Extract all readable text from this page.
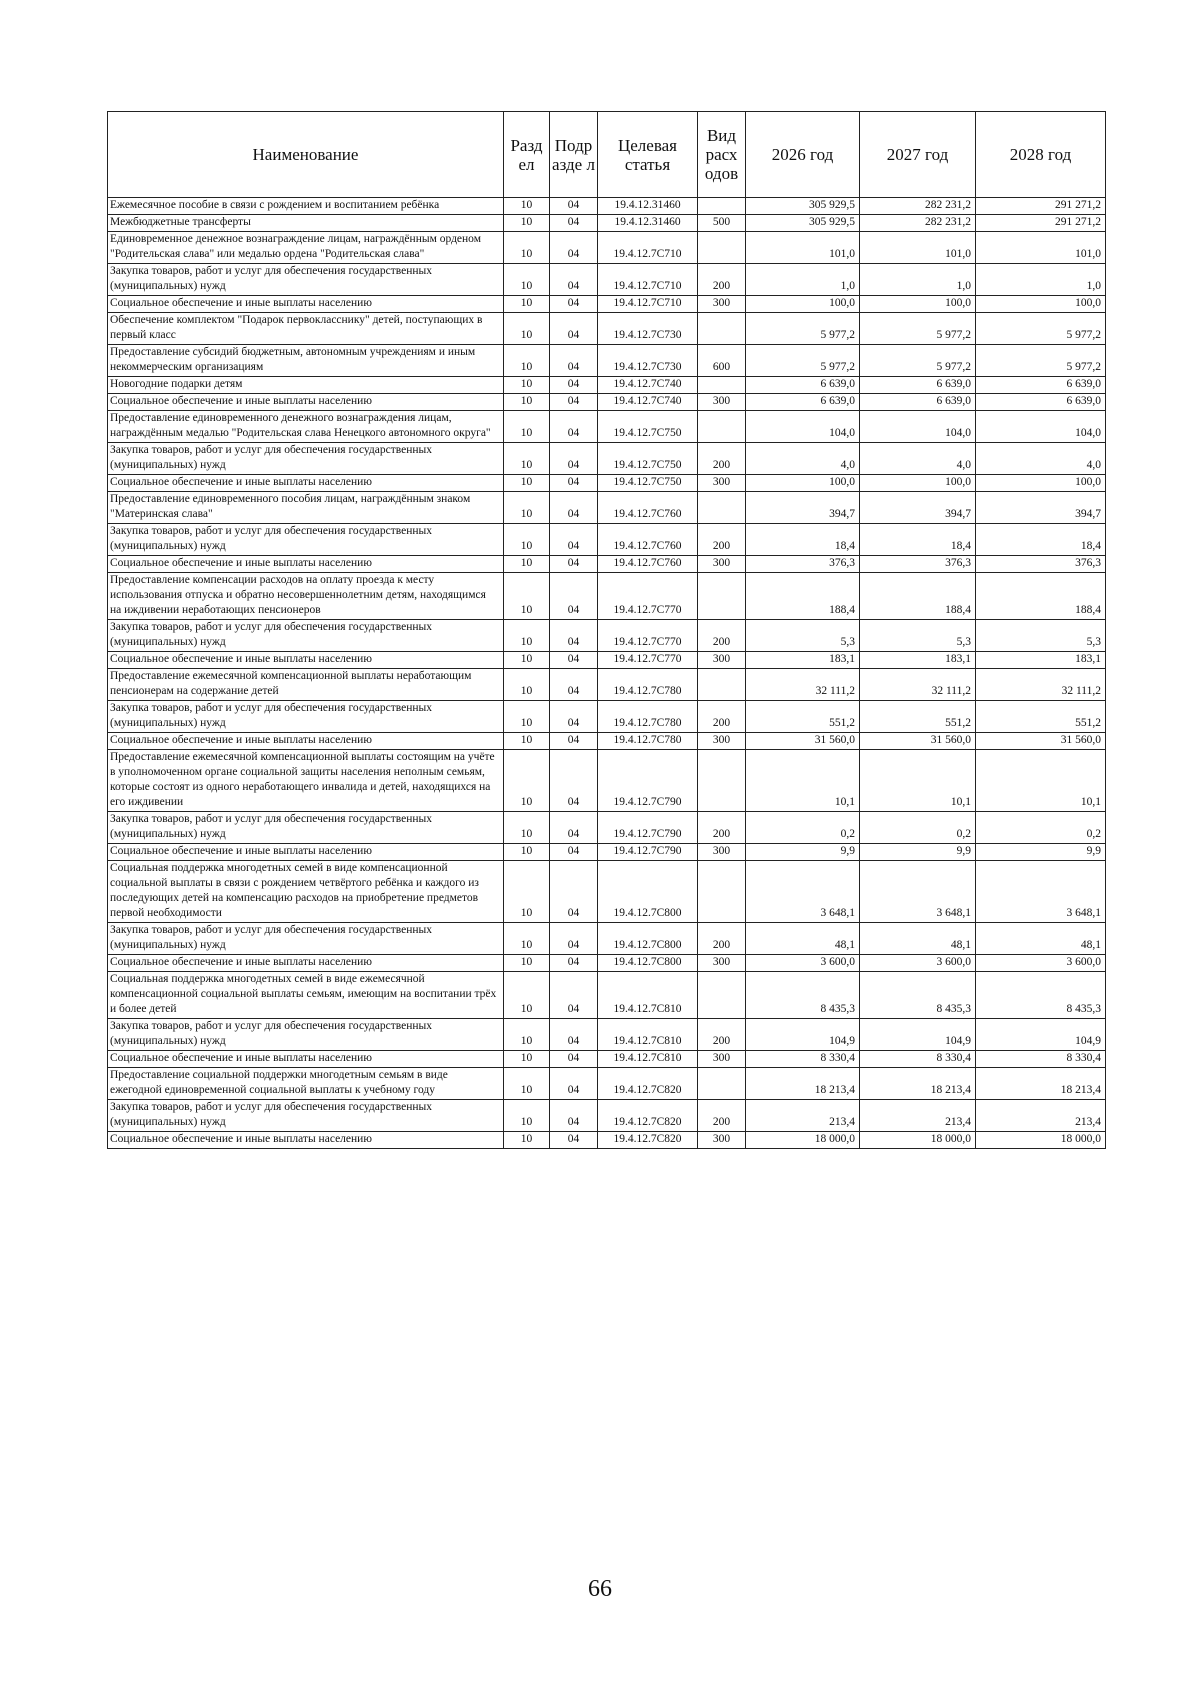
Наименование	Разд ел	Подр азде л	Целевая статья	Вид расх одов	2026 год	2027 год	2028 год
Ежемесячное пособие в связи с рождением и воспитанием ребёнка	10	04	19.4.12.31460		305 929,5	282 231,2	291 271,2
Межбюджетные трансферты	10	04	19.4.12.31460	500	305 929,5	282 231,2	291 271,2
Единовременное денежное вознаграждение лицам, награждённым орденом "Родительская слава" или медалью ордена "Родительская слава"	10	04	19.4.12.7С710		101,0	101,0	101,0
Закупка товаров, работ и услуг для обеспечения государственных (муниципальных) нужд	10	04	19.4.12.7С710	200	1,0	1,0	1,0
Социальное обеспечение и иные выплаты населению	10	04	19.4.12.7С710	300	100,0	100,0	100,0
Обеспечение комплектом "Подарок первокласснику" детей, поступающих в первый класс	10	04	19.4.12.7С730		5 977,2	5 977,2	5 977,2
Предоставление субсидий бюджетным, автономным учреждениям и иным некоммерческим организациям	10	04	19.4.12.7С730	600	5 977,2	5 977,2	5 977,2
Новогодние подарки детям	10	04	19.4.12.7С740		6 639,0	6 639,0	6 639,0
Социальное обеспечение и иные выплаты населению	10	04	19.4.12.7С740	300	6 639,0	6 639,0	6 639,0
Предоставление единовременного денежного вознаграждения лицам, награждённым медалью "Родительская слава Ненецкого автономного округа"	10	04	19.4.12.7С750		104,0	104,0	104,0
Закупка товаров, работ и услуг для обеспечения государственных (муниципальных) нужд	10	04	19.4.12.7С750	200	4,0	4,0	4,0
Социальное обеспечение и иные выплаты населению	10	04	19.4.12.7С750	300	100,0	100,0	100,0
Предоставление единовременного пособия лицам, награждённым знаком "Материнская слава"	10	04	19.4.12.7С760		394,7	394,7	394,7
Закупка товаров, работ и услуг для обеспечения государственных (муниципальных) нужд	10	04	19.4.12.7С760	200	18,4	18,4	18,4
Социальное обеспечение и иные выплаты населению	10	04	19.4.12.7С760	300	376,3	376,3	376,3
Предоставление компенсации расходов на оплату проезда к месту использования отпуска и обратно несовершеннолетним детям, находящимся на иждивении неработающих пенсионеров	10	04	19.4.12.7С770		188,4	188,4	188,4
Закупка товаров, работ и услуг для обеспечения государственных (муниципальных) нужд	10	04	19.4.12.7С770	200	5,3	5,3	5,3
Социальное обеспечение и иные выплаты населению	10	04	19.4.12.7С770	300	183,1	183,1	183,1
Предоставление ежемесячной компенсационной выплаты неработающим пенсионерам на содержание детей	10	04	19.4.12.7С780		32 111,2	32 111,2	32 111,2
Закупка товаров, работ и услуг для обеспечения государственных (муниципальных) нужд	10	04	19.4.12.7С780	200	551,2	551,2	551,2
Социальное обеспечение и иные выплаты населению	10	04	19.4.12.7С780	300	31 560,0	31 560,0	31 560,0
Предоставление ежемесячной компенсационной выплаты состоящим на учёте в уполномоченном органе социальной защиты населения неполным семьям, которые состоят из одного неработающего инвалида и детей, находящихся на его иждивении	10	04	19.4.12.7С790		10,1	10,1	10,1
Закупка товаров, работ и услуг для обеспечения государственных (муниципальных) нужд	10	04	19.4.12.7С790	200	0,2	0,2	0,2
Социальное обеспечение и иные выплаты населению	10	04	19.4.12.7С790	300	9,9	9,9	9,9
Социальная поддержка многодетных семей в виде компенсационной социальной выплаты в связи с рождением четвёртого ребёнка и каждого из последующих детей на компенсацию расходов на приобретение предметов первой необходимости	10	04	19.4.12.7С800		3 648,1	3 648,1	3 648,1
Закупка товаров, работ и услуг для обеспечения государственных (муниципальных) нужд	10	04	19.4.12.7С800	200	48,1	48,1	48,1
Социальное обеспечение и иные выплаты населению	10	04	19.4.12.7С800	300	3 600,0	3 600,0	3 600,0
Социальная поддержка многодетных семей в виде ежемесячной компенсационной социальной выплаты семьям, имеющим на воспитании трёх и более детей	10	04	19.4.12.7С810		8 435,3	8 435,3	8 435,3
Закупка товаров, работ и услуг для обеспечения государственных (муниципальных) нужд	10	04	19.4.12.7С810	200	104,9	104,9	104,9
Социальное обеспечение и иные выплаты населению	10	04	19.4.12.7С810	300	8 330,4	8 330,4	8 330,4
Предоставление социальной поддержки многодетным семьям в виде ежегодной единовременной социальной выплаты к учебному году	10	04	19.4.12.7С820		18 213,4	18 213,4	18 213,4
Закупка товаров, работ и услуг для обеспечения государственных (муниципальных) нужд	10	04	19.4.12.7С820	200	213,4	213,4	213,4
Социальное обеспечение и иные выплаты населению	10	04	19.4.12.7С820	300	18 000,0	18 000,0	18 000,0
66
